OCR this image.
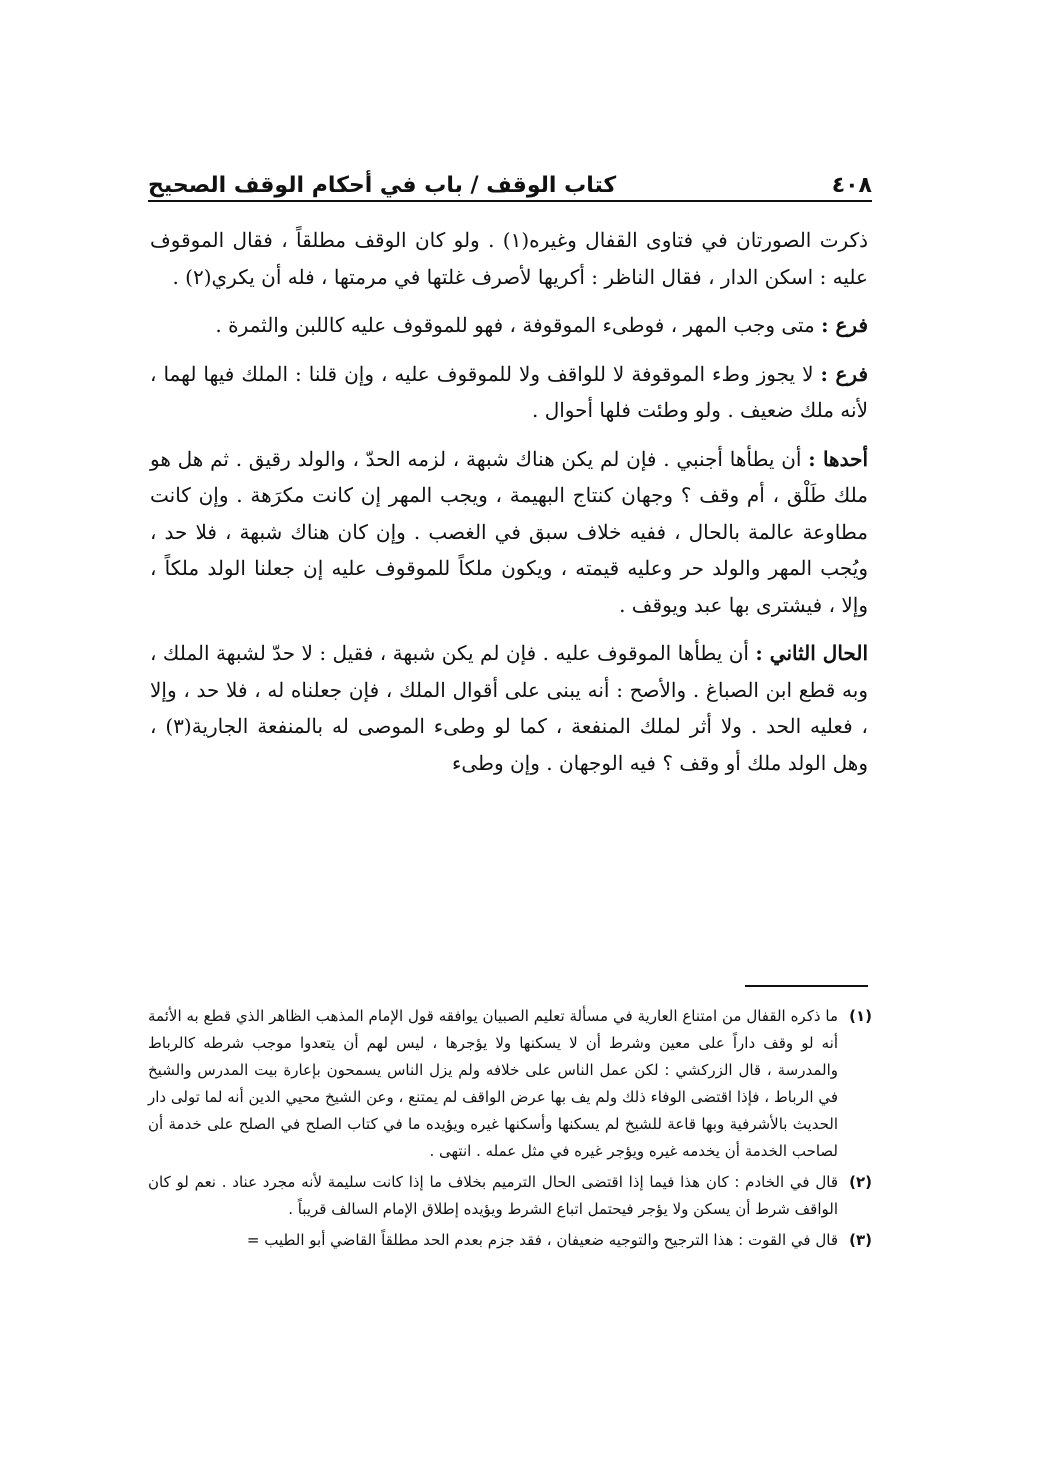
٤٠٨
كتاب الوقف / باب في أحكام الوقف الصحيح

ذكرت الصورتان في فتاوى القفال وغيره(١) . ولو كان الوقف مطلقاً ، فقال الموقوف عليه : اسكن الدار ، فقال الناظر : أكريها لأصرف غلتها في مرمتها ، فله أن يكري(٢) .

فرع : متى وجب المهر ، فوطىء الموقوفة ، فهو للموقوف عليه كاللبن والثمرة .

فرع : لا يجوز وطء الموقوفة لا للواقف ولا للموقوف عليه ، وإن قلنا : الملك فيها لهما ، لأنه ملك ضعيف . ولو وطئت فلها أحوال .

أحدها : أن يطأها أجنبي . فإن لم يكن هناك شبهة ، لزمه الحدّ ، والولد رقيق . ثم هل هو ملك طَلْق ، أم وقف ؟ وجهان كنتاج البهيمة ، ويجب المهر إن كانت مكرَهة . وإن كانت مطاوعة عالمة بالحال ، ففيه خلاف سبق في الغصب . وإن كان هناك شبهة ، فلا حد ، ويُجب المهر والولد حر وعليه قيمته ، ويكون ملكاً للموقوف عليه إن جعلنا الولد ملكاً ، وإلا ، فيشترى بها عبد ويوقف .

الحال الثاني : أن يطأها الموقوف عليه . فإن لم يكن شبهة ، فقيل : لا حدّ لشبهة الملك ، وبه قطع ابن الصباغ . والأصح : أنه يبنى على أقوال الملك ، فإن جعلناه له ، فلا حد ، وإلا ، فعليه الحد . ولا أثر لملك المنفعة ، كما لو وطىء الموصى له بالمنفعة الجارية(٣) ، وهل الولد ملك أو وقف ؟ فيه الوجهان . وإن وطىء

(١)
ما ذكره القفال من امتناع العارية في مسألة تعليم الصبيان يوافقه قول الإمام المذهب الظاهر الذي قطع به الأئمة أنه لو وقف داراً على معين وشرط أن لا يسكنها ولا يؤجرها ، ليس لهم أن يتعدوا موجب شرطه كالرباط والمدرسة ، قال الزركشي : لكن عمل الناس على خلافه ولم يزل الناس يسمحون بإعارة بيت المدرس والشيخ في الرباط ، فإذا اقتضى الوفاء ذلك ولم يف بها عرض الواقف لم يمتنع ، وعن الشيخ محيي الدين أنه لما تولى دار الحديث بالأشرفية وبها قاعة للشيخ لم يسكنها وأسكنها غيره ويؤيده ما في كتاب الصلح في الصلح على خدمة أن لصاحب الخدمة أن يخدمه غيره ويؤجر غيره في مثل عمله . انتهى .
(٢)
قال في الخادم : كان هذا فيما إذا اقتضى الحال الترميم بخلاف ما إذا كانت سليمة لأنه مجرد عناد . نعم لو كان الواقف شرط أن يسكن ولا يؤجر فيحتمل اتباع الشرط ويؤيده إطلاق الإمام السالف قريباً .
(٣)
قال في القوت : هذا الترجيح والتوجيه ضعيفان ، فقد جزم بعدم الحد مطلقاً القاضي أبو الطيب =
